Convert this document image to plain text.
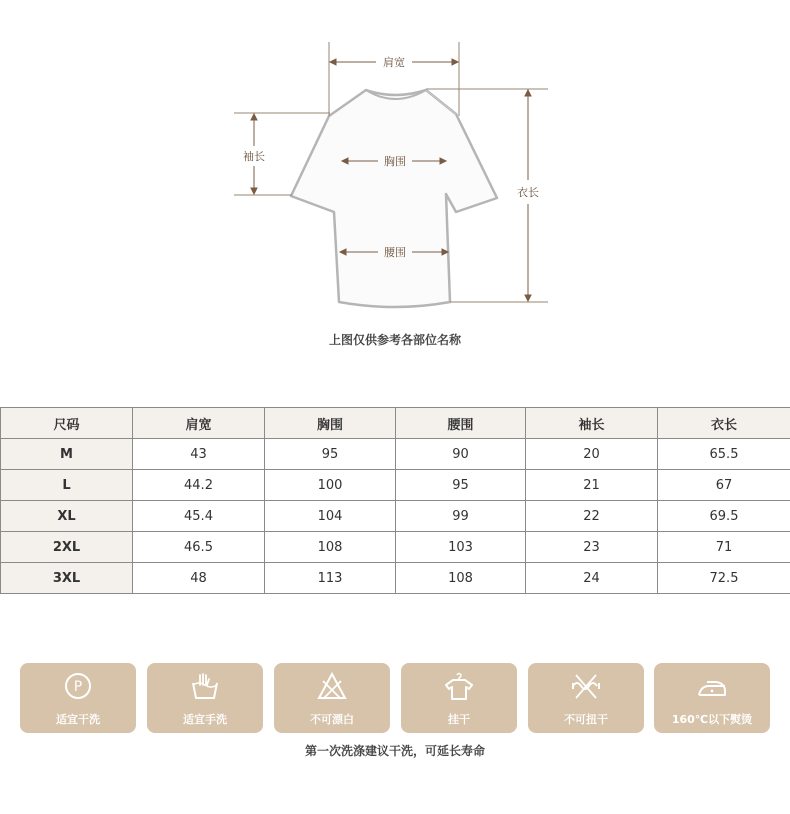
肩宽
袖长	胸围
腰围
衣长
上图仅供参考各部位名称
尺码	肩宽	胸围	腰围	袖长	衣长
M	43	95	90	20	65.5
L	44.2	100	95	21	67
XL	45.4	104	99	22	69.5
2XL	46.5	108	103	23	71
3XL	48	113	108	24	72.5
P
适宜干洗	适宜手洗	不可漂白	挂干	不可扭干	160℃以下熨烫
第一次洗涤建议干洗，可延长寿命
